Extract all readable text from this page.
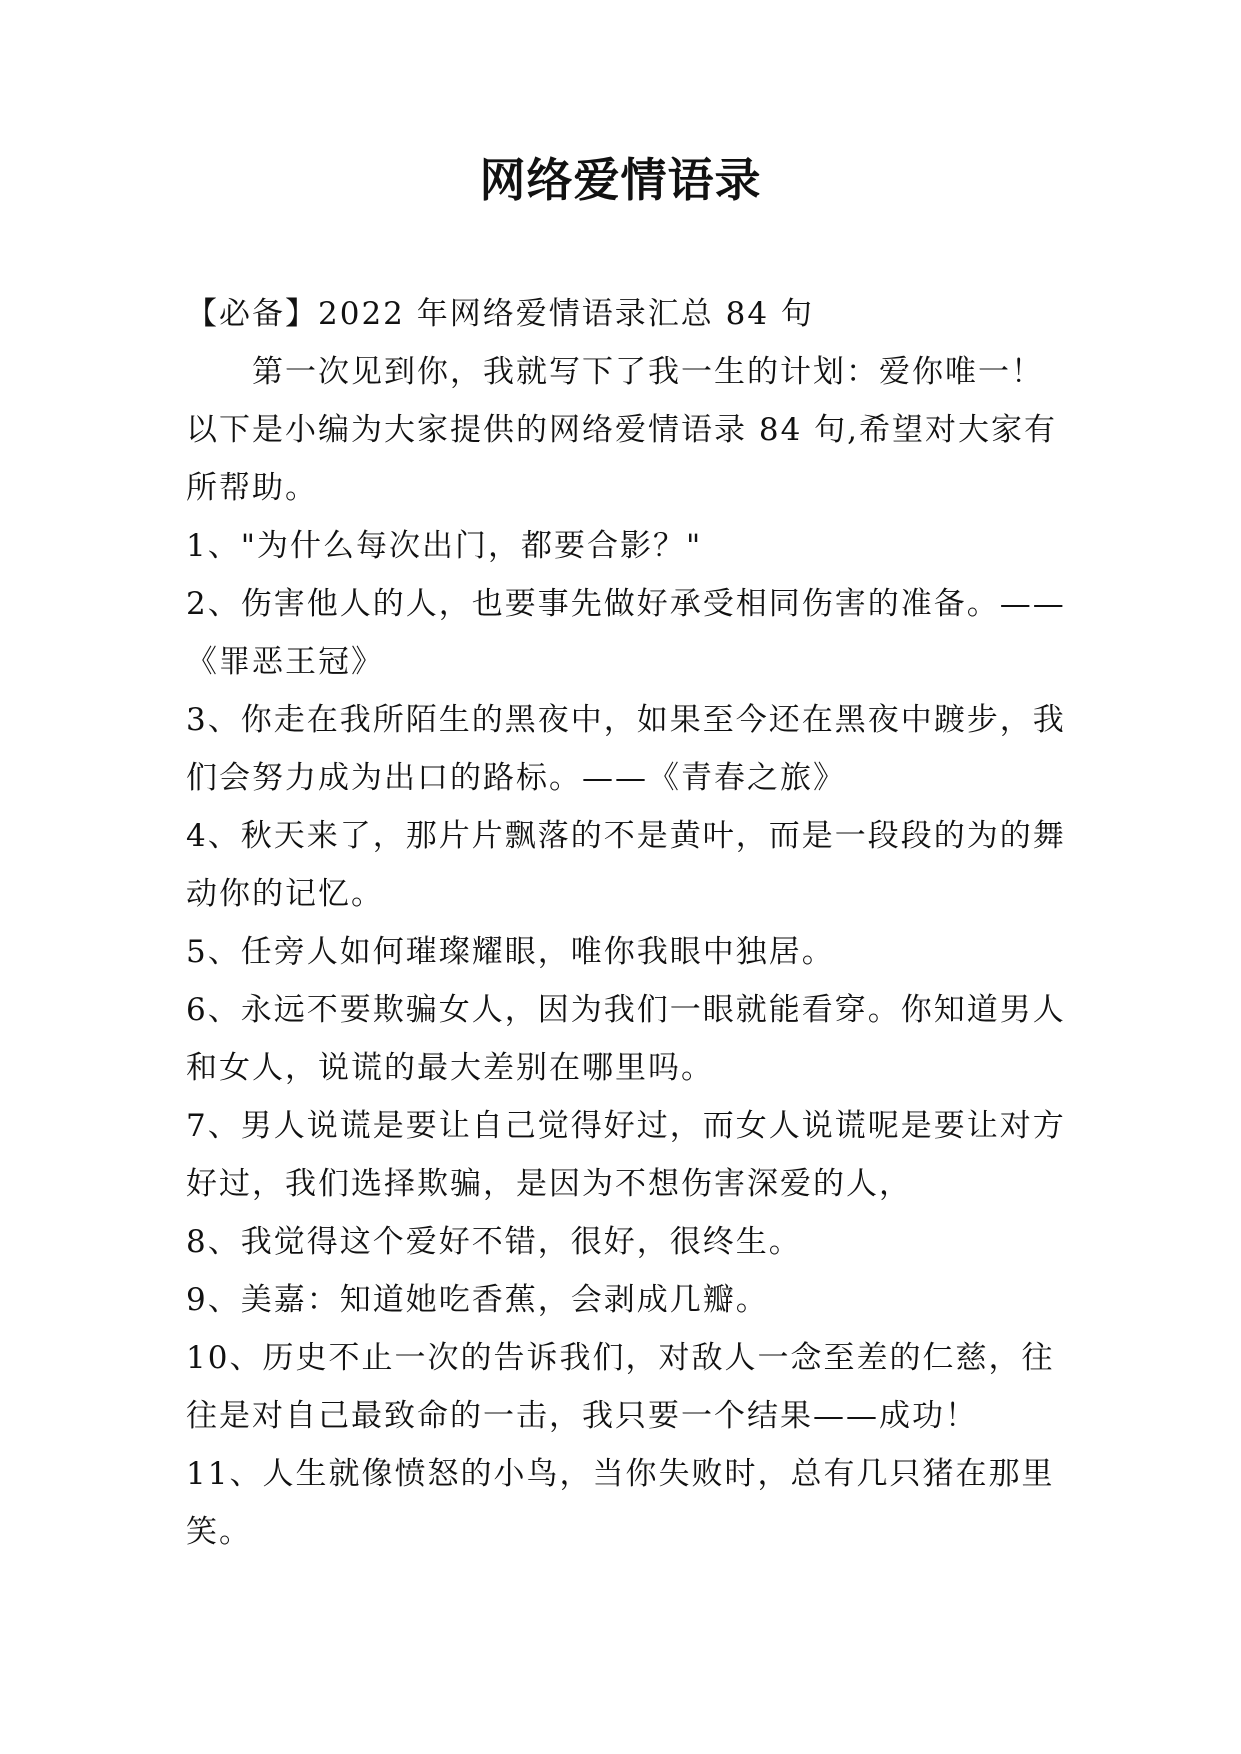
网络爱情语录

【必备】2022 年网络爱情语录汇总 84 句

第一次见到你，我就写下了我一生的计划：爱你唯一！以下是小编为大家提供的网络爱情语录 84 句,希望对大家有所帮助。

1、"为什么每次出门，都要合影？"

2、伤害他人的人，也要事先做好承受相同伤害的准备。——《罪恶王冠》

3、你走在我所陌生的黑夜中，如果至今还在黑夜中踱步，我们会努力成为出口的路标。——《青春之旅》

4、秋天来了，那片片飘落的不是黄叶，而是一段段的为的舞动你的记忆。

5、任旁人如何璀璨耀眼，唯你我眼中独居。

6、永远不要欺骗女人，因为我们一眼就能看穿。你知道男人和女人，说谎的最大差别在哪里吗。

7、男人说谎是要让自己觉得好过，而女人说谎呢是要让对方好过，我们选择欺骗，是因为不想伤害深爱的人，

8、我觉得这个爱好不错，很好，很终生。

9、美嘉：知道她吃香蕉，会剥成几瓣。

10、历史不止一次的告诉我们，对敌人一念至差的仁慈，往往是对自己最致命的一击，我只要一个结果——成功！

11、人生就像愤怒的小鸟，当你失败时，总有几只猪在那里笑。
